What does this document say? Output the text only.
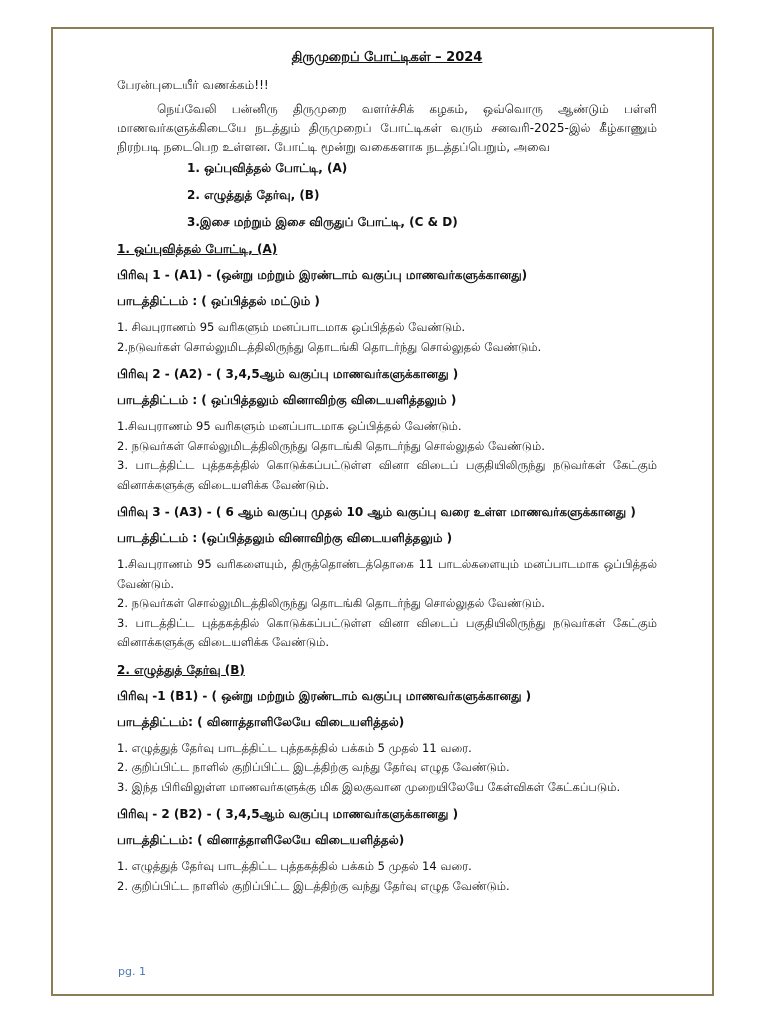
திருமுறைப் போட்டிகள் – 2024
பேரன்புடையீர் வணக்கம்!!!
நெய்வேலி பன்னிரு திருமுறை வளர்ச்சிக் கழகம், ஒவ்வொரு ஆண்டும் பள்ளி மாணவர்களுக்கிடையே நடத்தும் திருமுறைப் போட்டிகள் வரும் சனவரி-2025-இல் கீழ்காணும் நிரற்படி நடைபெற உள்ளன. போட்டி மூன்று வகைகளாக நடத்தப்பெறும், அவை
1. ஒப்புவித்தல் போட்டி, (A)
2. எழுத்துத் தேர்வு, (B)
3.இசை மற்றும் இசை விருதுப் போட்டி, (C & D)
1. ஒப்புவித்தல் போட்டி, (A)
பிரிவு 1 - (A1) - (ஒன்று மற்றும் இரண்டாம் வகுப்பு மாணவர்களுக்கானது)
பாடத்திட்டம் : ( ஒப்பித்தல் மட்டும் )
1. சிவபுராணம் 95 வரிகளும் மனப்பாடமாக ஒப்பித்தல் வேண்டும்.
2.நடுவர்கள் சொல்லுமிடத்திலிருந்து தொடங்கி தொடர்ந்து சொல்லுதல் வேண்டும்.
பிரிவு 2 - (A2) - ( 3,4,5ஆம் வகுப்பு மாணவர்களுக்கானது )
பாடத்திட்டம் : ( ஒப்பித்தலும் வினாவிற்கு விடையளித்தலும் )
1.சிவபுராணம் 95 வரிகளும் மனப்பாடமாக ஒப்பித்தல் வேண்டும்.
2. நடுவர்கள் சொல்லுமிடத்திலிருந்து தொடங்கி தொடர்ந்து சொல்லுதல் வேண்டும்.
3. பாடத்திட்ட புத்தகத்தில் கொடுக்கப்பட்டுள்ள வினா விடைப் பகுதியிலிருந்து நடுவர்கள் கேட்கும் வினாக்களுக்கு விடையளிக்க வேண்டும்.
பிரிவு 3 - (A3) - ( 6 ஆம் வகுப்பு முதல் 10 ஆம் வகுப்பு வரை உள்ள மாணவர்களுக்கானது )
பாடத்திட்டம் : (ஒப்பித்தலும் வினாவிற்கு விடையளித்தலும் )
1.சிவபுராணம் 95 வரிகளையும், திருத்தொண்டத்தொகை 11 பாடல்களையும் மனப்பாடமாக ஒப்பித்தல் வேண்டும்.
2. நடுவர்கள் சொல்லுமிடத்திலிருந்து தொடங்கி தொடர்ந்து சொல்லுதல் வேண்டும்.
3. பாடத்திட்ட புத்தகத்தில் கொடுக்கப்பட்டுள்ள வினா விடைப் பகுதியிலிருந்து நடுவர்கள் கேட்கும் வினாக்களுக்கு விடையளிக்க வேண்டும்.
2. எழுத்துத் தேர்வு (B)
பிரிவு -1 (B1) - ( ஒன்று மற்றும் இரண்டாம் வகுப்பு மாணவர்களுக்கானது )
பாடத்திட்டம்: ( வினாத்தாளிலேயே விடையளித்தல்)
1. எழுத்துத் தேர்வு பாடத்திட்ட புத்தகத்தில் பக்கம் 5 முதல் 11 வரை.
2. குறிப்பிட்ட நாளில் குறிப்பிட்ட இடத்திற்கு வந்து தேர்வு எழுத வேண்டும்.
3. இந்த பிரிவிலுள்ள மாணவர்களுக்கு மிக இலகுவான முறையிலேயே கேள்விகள் கேட்கப்படும்.
பிரிவு - 2 (B2) - ( 3,4,5ஆம் வகுப்பு மாணவர்களுக்கானது )
பாடத்திட்டம்: ( வினாத்தாளிலேயே விடையளித்தல்)
1. எழுத்துத் தேர்வு பாடத்திட்ட புத்தகத்தில் பக்கம் 5 முதல் 14 வரை.
2. குறிப்பிட்ட நாளில் குறிப்பிட்ட இடத்திற்கு வந்து தேர்வு எழுத வேண்டும்.
pg. 1
